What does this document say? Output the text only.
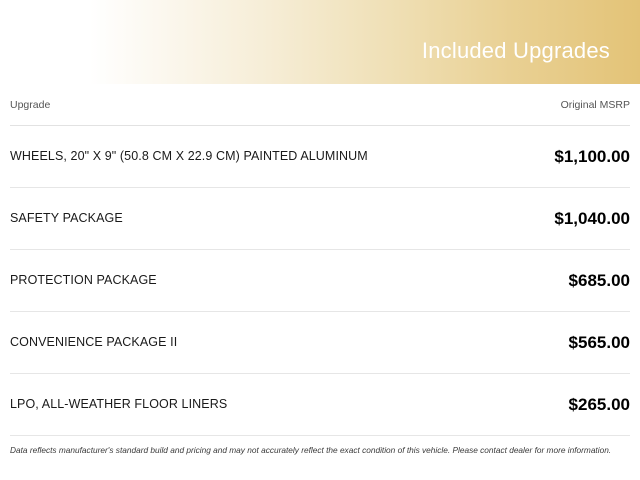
Included Upgrades
Upgrade	Original MSRP
WHEELS, 20" X 9" (50.8 CM X 22.9 CM) PAINTED ALUMINUM	$1,100.00
SAFETY PACKAGE	$1,040.00
PROTECTION PACKAGE	$685.00
CONVENIENCE PACKAGE II	$565.00
LPO, ALL-WEATHER FLOOR LINERS	$265.00
Data reflects manufacturer's standard build and pricing and may not accurately reflect the exact condition of this vehicle. Please contact dealer for more information.
